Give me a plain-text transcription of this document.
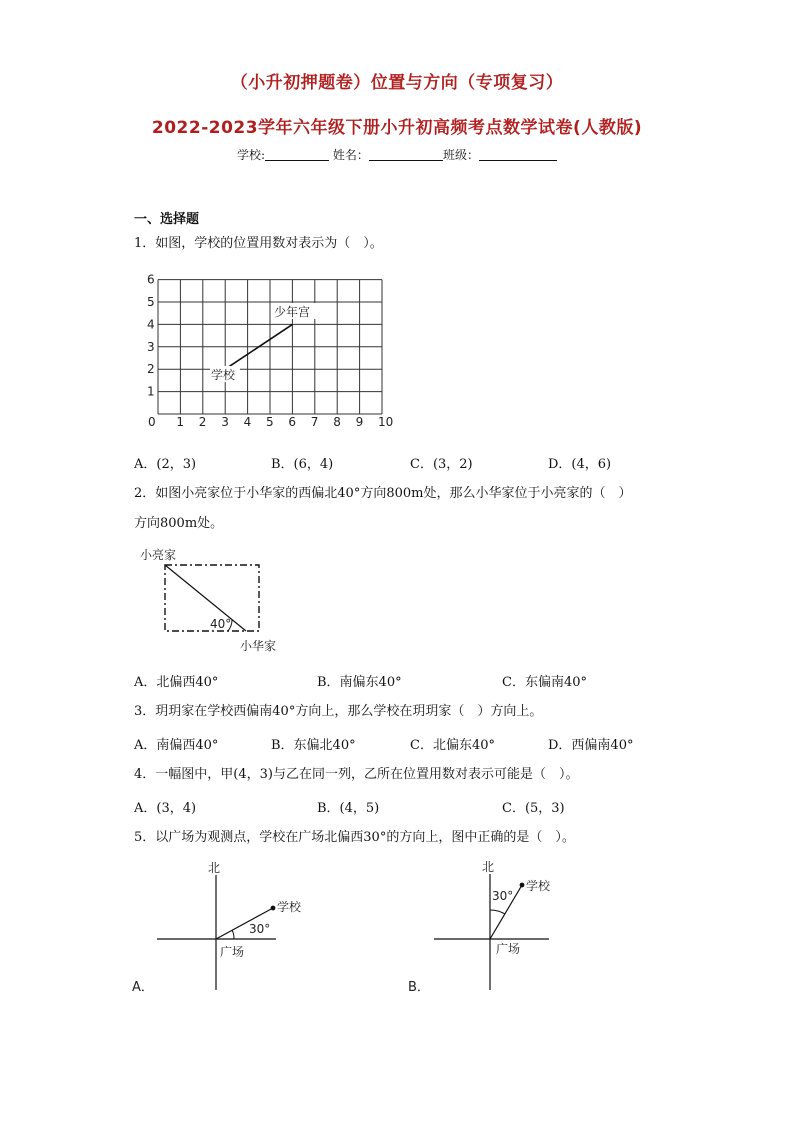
（小升初押题卷）位置与方向（专项复习）
2022-2023学年六年级下册小升初高频考点数学试卷(人教版)
学校:	姓名：	班级：
一、选择题
1．如图，学校的位置用数对表示为（　）。
少年宫
学校
0 1 2 3 4 5 6 7 8 9 10
1
2
3
4
5
6
A．(2，3)	B．(6，4)	C．(3，2)	D．(4，6)
2．如图小亮家位于小华家的西偏北40°方向800m处，那么小华家位于小亮家的（　）
方向800m处。
小亮家
40°
小华家
A．北偏西40°	B．南偏东40°	C．东偏南40°
3．玥玥家在学校西偏南40°方向上，那么学校在玥玥家（　）方向上。
A．南偏西40°	B．东偏北40°	C．北偏东40°	D．西偏南40°
4．一幅图中，甲(4，3)与乙在同一列，乙所在位置用数对表示可能是（　）。
A．(3，4)	B．(4，5)	C．(5，3)
5．以广场为观测点，学校在广场北偏西30°的方向上，图中正确的是（　）。
北
学校
30°
广场
A．
北
学校
30°
广场
B．
